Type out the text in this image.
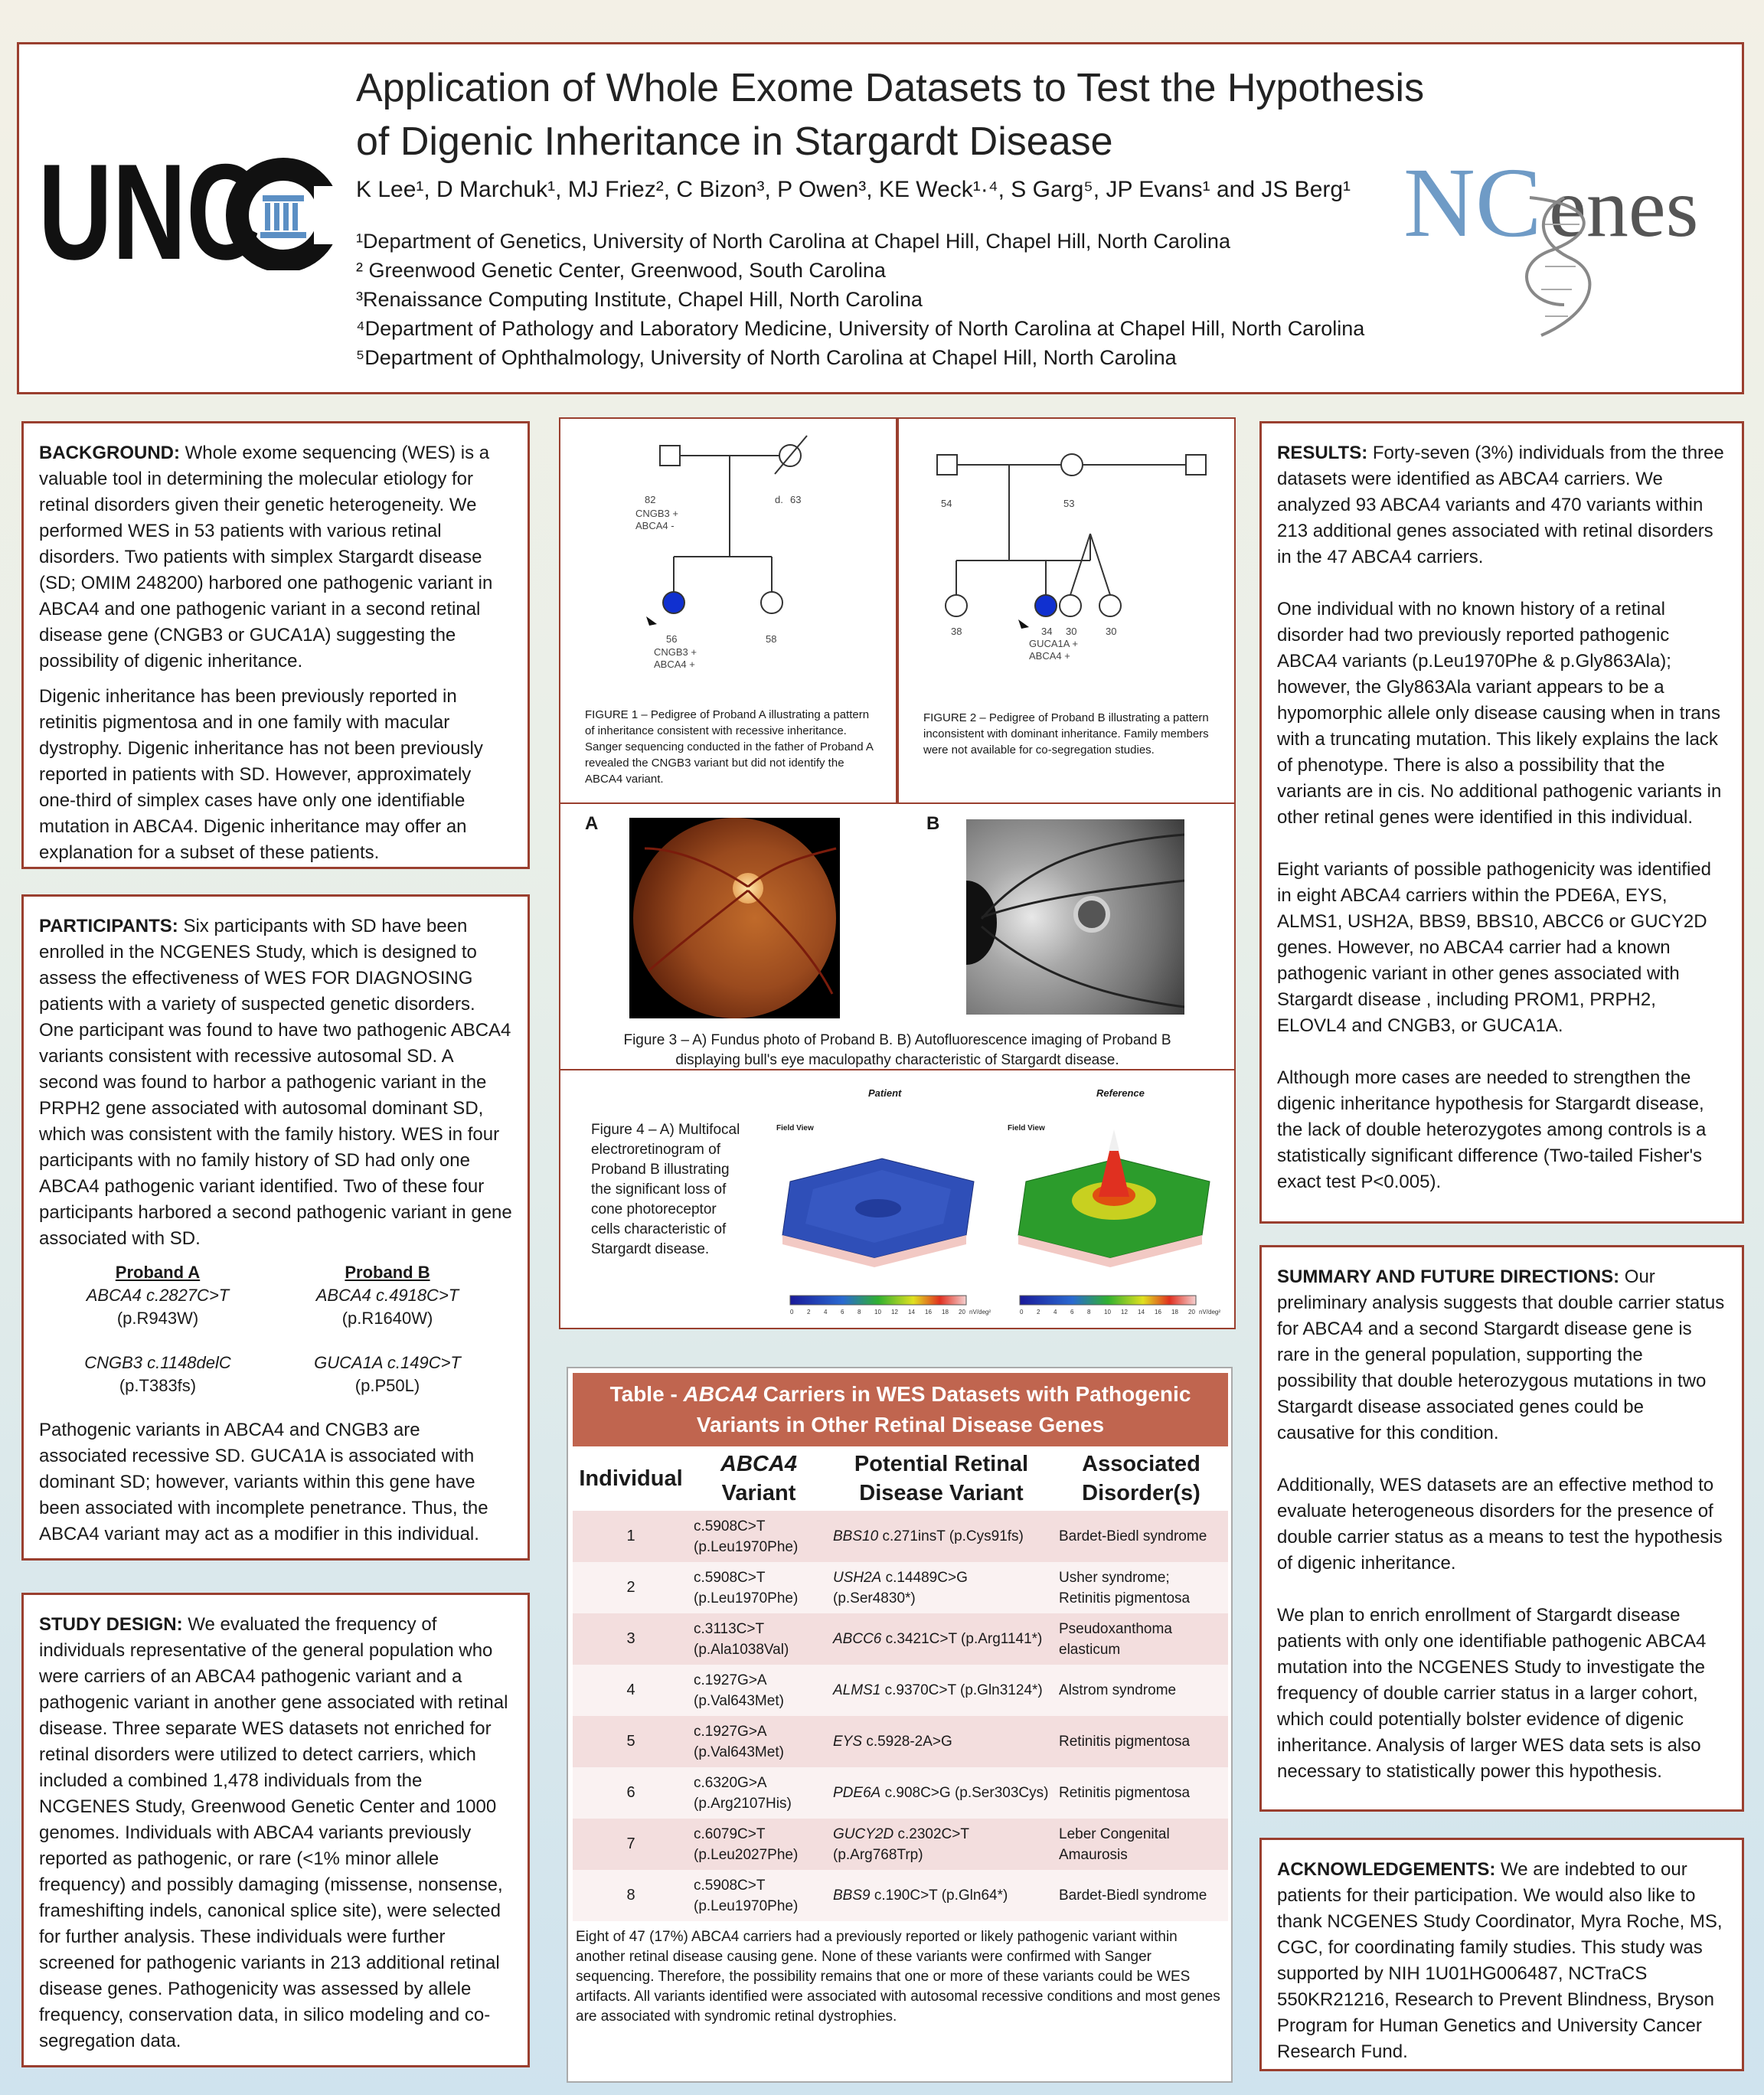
UNC	NC enes
Application of Whole Exome Datasets to Test the Hypothesis
of Digenic Inheritance in Stargardt Disease
K Lee¹, D Marchuk¹, MJ Friez², C Bizon³, P Owen³, KE Weck¹·⁴, S Garg⁵, JP Evans¹ and JS Berg¹
¹Department of Genetics, University of North Carolina at Chapel Hill, Chapel Hill, North Carolina
² Greenwood Genetic Center, Greenwood, South Carolina
³Renaissance Computing Institute, Chapel Hill, North Carolina
⁴Department of Pathology and Laboratory Medicine, University of North Carolina at Chapel Hill, North Carolina
⁵Department of Ophthalmology, University of North Carolina at Chapel Hill, North Carolina

BACKGROUND: Whole exome sequencing (WES) is a valuable tool in determining the molecular etiology for retinal disorders given their genetic heterogeneity. We performed WES in 53 patients with various retinal disorders. Two patients with simplex Stargardt disease (SD; OMIM 248200) harbored one pathogenic variant in ABCA4 and one pathogenic variant in a second retinal disease gene (CNGB3 or GUCA1A) suggesting the possibility of digenic inheritance.

Digenic inheritance has been previously reported in retinitis pigmentosa and in one family with macular dystrophy. Digenic inheritance has not been previously reported in patients with SD. However, approximately one-third of simplex cases have only one identifiable mutation in ABCA4. Digenic inheritance may offer an explanation for a subset of these patients.

PARTICIPANTS: Six participants with SD have been enrolled in the NCGENES Study, which is designed to assess the effectiveness of WES FOR DIAGNOSING patients with a variety of suspected genetic disorders. One participant was found to have two pathogenic ABCA4 variants consistent with recessive autosomal SD. A second was found to harbor a pathogenic variant in the PRPH2 gene associated with autosomal dominant SD, which was consistent with the family history. WES in four participants with no family history of SD had only one ABCA4 pathogenic variant identified. Two of these four participants harbored a second pathogenic variant in gene associated with SD.

Proband A
ABCA4 c.2827C>T
(p.R943W)
CNGB3 c.1148delC
(p.T383fs)
Proband B
ABCA4 c.4918C>T
(p.R1640W)
GUCA1A c.149C>T
(p.P50L)

Pathogenic variants in ABCA4 and CNGB3 are associated recessive SD. GUCA1A is associated with dominant SD; however, variants within this gene have been associated with incomplete penetrance. Thus, the ABCA4 variant may act as a modifier in this individual.

STUDY DESIGN: We evaluated the frequency of individuals representative of the general population who were carriers of an ABCA4 pathogenic variant and a pathogenic variant in another gene associated with retinal disease. Three separate WES datasets not enriched for retinal disorders were utilized to detect carriers, which included a combined 1,478 individuals from the NCGENES Study, Greenwood Genetic Center and 1000 genomes. Individuals with ABCA4 variants previously reported as pathogenic, or rare (<1% minor allele frequency) and possibly damaging (missense, nonsense, frameshifting indels, canonical splice site), were selected for further analysis. These individuals were further screened for pathogenic variants in 213 additional retinal disease genes. Pathogenicity was assessed by allele frequency, conservation data, in silico modeling and co-segregation data.

82
CNGB3 +
ABCA4 -
d. 63
56
CNGB3 +
ABCA4 +
58
FIGURE 1 – Pedigree of Proband A illustrating a pattern of inheritance consistent with recessive inheritance. Sanger sequencing conducted in the father of Proband A revealed the CNGB3 variant but did not identify the ABCA4 variant.
54	53
38	34
GUCA1A +
ABCA4 +
30	30
FIGURE 2 – Pedigree of Proband B illustrating a pattern inconsistent with dominant inheritance. Family members were not available for co-segregation studies.
A	B
Figure 3 – A) Fundus photo of Proband B. B) Autofluorescence imaging of Proband B displaying bull's eye maculopathy characteristic of Stargardt disease.
Figure 4 – A) Multifocal electroretinogram of Proband B illustrating the significant loss of cone photoreceptor cells characteristic of Stargardt disease.
Patient	Reference
Field View	Field View
0 2 4 6 8 10 12 14 16 18 20	0 2 4 6 8 10 12 14 16 18 20
nV/deg²	nV/deg²
Table - ABCA4 Carriers in WES Datasets with Pathogenic Variants in Other Retinal Disease Genes			
Individual	ABCA4
Variant	Potential Retinal Disease Variant	Associated Disorder(s)
1	c.5908C>T (p.Leu1970Phe)	BBS10 c.271insT (p.Cys91fs)	Bardet-Biedl syndrome
2	c.5908C>T (p.Leu1970Phe)	USH2A c.14489C>G (p.Ser4830*)	Usher syndrome; Retinitis pigmentosa
3	c.3113C>T (p.Ala1038Val)	ABCC6 c.3421C>T (p.Arg1141*)	Pseudoxanthoma elasticum
4	c.1927G>A (p.Val643Met)	ALMS1 c.9370C>T (p.Gln3124*)	Alstrom syndrome
5	c.1927G>A (p.Val643Met)	EYS c.5928-2A>G	Retinitis pigmentosa
6	c.6320G>A (p.Arg2107His)	PDE6A c.908C>G (p.Ser303Cys)	Retinitis pigmentosa
7	c.6079C>T (p.Leu2027Phe)	GUCY2D c.2302C>T (p.Arg768Trp)	Leber Congenital Amaurosis
8	c.5908C>T (p.Leu1970Phe)	BBS9 c.190C>T (p.Gln64*)	Bardet-Biedl syndrome
Eight of 47 (17%) ABCA4 carriers had a previously reported or likely pathogenic variant within another retinal disease causing gene. None of these variants were confirmed with Sanger sequencing. Therefore, the possibility remains that one or more of these variants could be WES artifacts. All variants identified were associated with autosomal recessive conditions and most genes are associated with syndromic retinal dystrophies.

RESULTS: Forty-seven (3%) individuals from the three datasets were identified as ABCA4 carriers. We analyzed 93 ABCA4 variants and 470 variants within 213 additional genes associated with retinal disorders in the 47 ABCA4 carriers.

One individual with no known history of a retinal disorder had two previously reported pathogenic ABCA4 variants (p.Leu1970Phe & p.Gly863Ala); however, the Gly863Ala variant appears to be a hypomorphic allele only disease causing when in trans with a truncating mutation. This likely explains the lack of phenotype. There is also a possibility that the variants are in cis. No additional pathogenic variants in other retinal genes were identified in this individual.

Eight variants of possible pathogenicity was identified in eight ABCA4 carriers within the PDE6A, EYS, ALMS1, USH2A, BBS9, BBS10, ABCC6 or GUCY2D genes. However, no ABCA4 carrier had a known pathogenic variant in other genes associated with Stargardt disease , including PROM1, PRPH2, ELOVL4 and CNGB3, or GUCA1A.

Although more cases are needed to strengthen the digenic inheritance hypothesis for Stargardt disease, the lack of double heterozygotes among controls is a statistically significant difference (Two-tailed Fisher's exact test P<0.005).

SUMMARY AND FUTURE DIRECTIONS: Our preliminary analysis suggests that double carrier status for ABCA4 and a second Stargardt disease gene is rare in the general population, supporting the possibility that double heterozygous mutations in two Stargardt disease associated genes could be causative for this condition.

Additionally, WES datasets are an effective method to evaluate heterogeneous disorders for the presence of double carrier status as a means to test the hypothesis of digenic inheritance.

We plan to enrich enrollment of Stargardt disease patients with only one identifiable pathogenic ABCA4 mutation into the NCGENES Study to investigate the frequency of double carrier status in a larger cohort, which could potentially bolster evidence of digenic inheritance. Analysis of larger WES data sets is also necessary to statistically power this hypothesis.

ACKNOWLEDGEMENTS: We are indebted to our patients for their participation. We would also like to thank NCGENES Study Coordinator, Myra Roche, MS, CGC, for coordinating family studies. This study was supported by NIH 1U01HG006487, NCTraCS 550KR21216, Research to Prevent Blindness, Bryson Program for Human Genetics and University Cancer Research Fund.
